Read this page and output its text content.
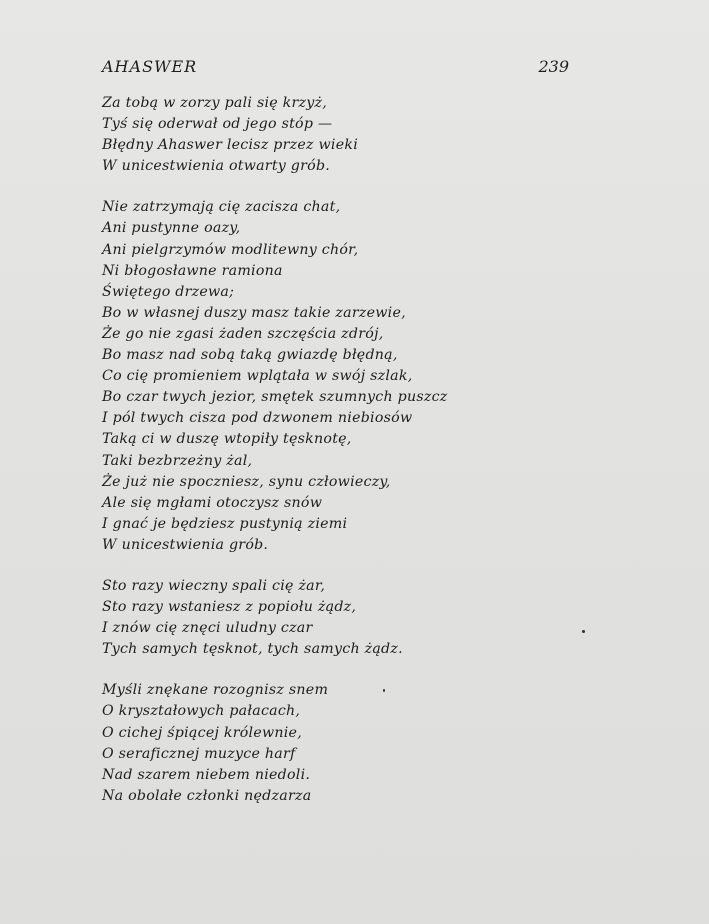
AHASWER	239
Za tobą w zorzy pali się krzyż,
Tyś się oderwał od jego stóp —
Błędny Ahaswer lecisz przez wieki
W unicestwienia otwarty grób.
Nie zatrzymają cię zacisza chat,
Ani pustynne oazy,
Ani pielgrzymów modlitewny chór,
Ni błogosławne ramiona
Świętego drzewa;
Bo w własnej duszy masz takie zarzewie,
Że go nie zgasi żaden szczęścia zdrój,
Bo masz nad sobą taką gwiazdę błędną,
Co cię promieniem wplątała w swój szlak,
Bo czar twych jezior, smętek szumnych puszcz
I pól twych cisza pod dzwonem niebiosów
Taką ci w duszę wtopiły tęsknotę,
Taki bezbrzeżny żal,
Że już nie spoczniesz, synu człowieczy,
Ale się mgłami otoczysz snów
I gnać je będziesz pustynią ziemi
W unicestwienia grób.
Sto razy wieczny spali cię żar,
Sto razy wstaniesz z popiołu żądz,
I znów cię znęci uludny czar
Tych samych tęsknot, tych samych żądz.
Myśli znękane rozognisz snem
O kryształowych pałacach,
O cichej śpiącej królewnie,
O seraficznej muzyce harf
Nad szarem niebem niedoli.
Na obolałe członki nędzarza
